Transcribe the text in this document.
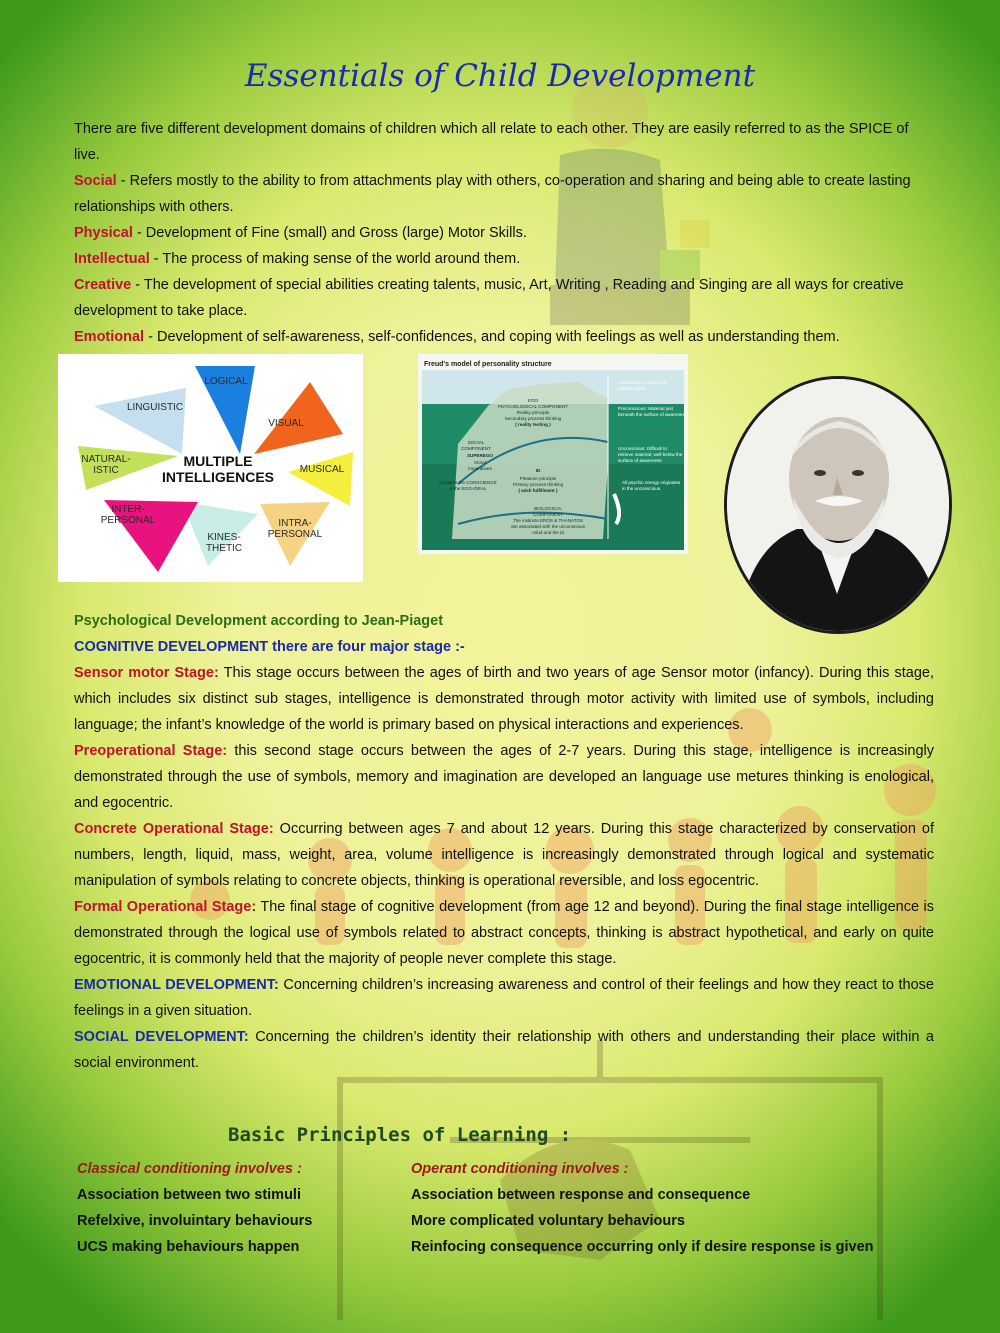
Essentials of Child Development

There are five different development domains of children which all relate to each other. They are easily referred to as the SPICE of live.

Social - Refers mostly to the ability to from attachments play with others, co-operation and sharing and being able to create lasting relationships with others.

Physical - Development of Fine (small) and Gross (large) Motor Skills.

Intellectual - The process of making sense of the world around them.

Creative - The development of special abilities creating talents, music, Art, Writing , Reading and Singing are all ways for creative development to take place.

Emotional - Development of self-awareness, self-confidences, and coping with feelings as well as understanding them.

LOGICAL
VISUAL
MUSICAL
INTRA-
PERSONAL
KINES-
THETIC
INTER-
PERSONAL
NATURAL-
ISTIC
LINGUISTIC
MULTIPLE
INTELLIGENCES
Freud's model of personality structure
Conscious: Contact with
outside world
Preconscious: Material just
beneath the surface of awareness
Unconscious: Difficult to
retrieve material; well below the
surface of awareness
All psychic energy originates
in the unconscious.
EGO
PSYCHOLOGICAL COMPONENT
Reality principle
Secondary process thinking
( reality testing )
SOCIAL
COMPONENT
SUPEREGO
Moral
imperatives
Contains the CONSCIENCE
& the EGO-IDEAL
ID
Pleasure principle
Primary process thinking
( wish fulfillment )
BIOLOGICAL
COMPONENT
The instincts EROS & THANATOS
are associated with the unconscious
mind and the id

Psychological Development according to Jean-Piaget

COGNITIVE DEVELOPMENT there are four major stage :-

Sensor motor Stage: This stage occurs between the ages of birth and two years of age Sensor motor (infancy). During this stage, which includes six distinct sub stages, intelligence is demonstrated through motor activity with limited use of symbols, including language; the infant’s knowledge of the world is primary based on physical interactions and experiences.

Preoperational Stage: this second stage occurs between the ages of 2-7 years. During this stage, intelligence is increasingly demonstrated through the use of symbols, memory and imagination are developed an language use metures thinking is enological, and egocentric.

Concrete Operational Stage: Occurring between ages 7 and about 12 years. During this stage characterized by conservation of numbers, length, liquid, mass, weight, area, volume intelligence is increasingly demonstrated through logical and systematic manipulation of symbols relating to concrete objects, thinking is operational reversible, and loss egocentric.

Formal Operational Stage: The final stage of cognitive development (from age 12 and beyond). During the final stage intelligence is demonstrated through the logical use of symbols related to abstract concepts, thinking is abstract hypothetical, and early on quite egocentric, it is commonly held that the majority of people never complete this stage.

EMOTIONAL DEVELOPMENT: Concerning children’s increasing awareness and control of their feelings and how they react to those feelings in a given situation.

SOCIAL DEVELOPMENT: Concerning the children’s identity their relationship with others and understanding their place within a social environment.

Basic Principles of Learning :
Classical conditioning involves :
Association between two stimuli
Refelxive, involuintary behaviours
UCS making behaviours happen
Operant conditioning involves :
Association between response and consequence
More complicated voluntary behaviours
Reinfocing consequence occurring only if desire response is given
